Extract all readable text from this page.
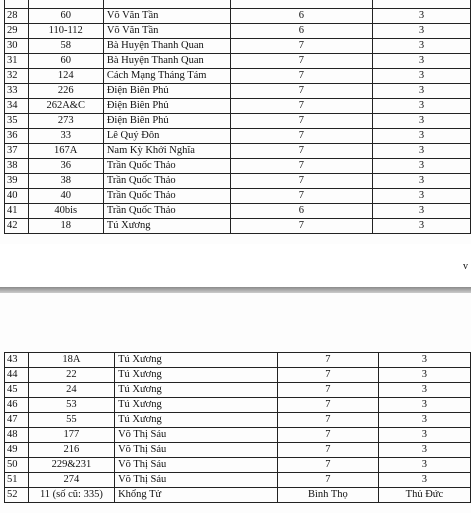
28	60	Võ Văn Tần	6	3
29	110-112	Võ Văn Tần	6	3
30	58	Bà Huyện Thanh Quan	7	3
31	60	Bà Huyện Thanh Quan	7	3
32	124	Cách Mạng Tháng Tám	7	3
33	226	Điện Biên Phủ	7	3
34	262A&C	Điện Biên Phủ	7	3
35	273	Điện Biên Phủ	7	3
36	33	Lê Quý Đôn	7	3
37	167A	Nam Kỳ Khởi Nghĩa	7	3
38	36	Trần Quốc Thảo	7	3
39	38	Trần Quốc Thảo	7	3
40	40	Trần Quốc Thảo	7	3
41	40bis	Trần Quốc Thảo	6	3
42	18	Tú Xương	7	3
v
43	18A	Tú Xương	7	3
44	22	Tú Xương	7	3
45	24	Tú Xương	7	3
46	53	Tú Xương	7	3
47	55	Tú Xương	7	3
48	177	Võ Thị Sáu	7	3
49	216	Võ Thị Sáu	7	3
50	229&231	Võ Thị Sáu	7	3
51	274	Võ Thị Sáu	7	3
52	11 (số cũ: 335)	Khổng Tử	Bình Thọ	Thủ Đức
